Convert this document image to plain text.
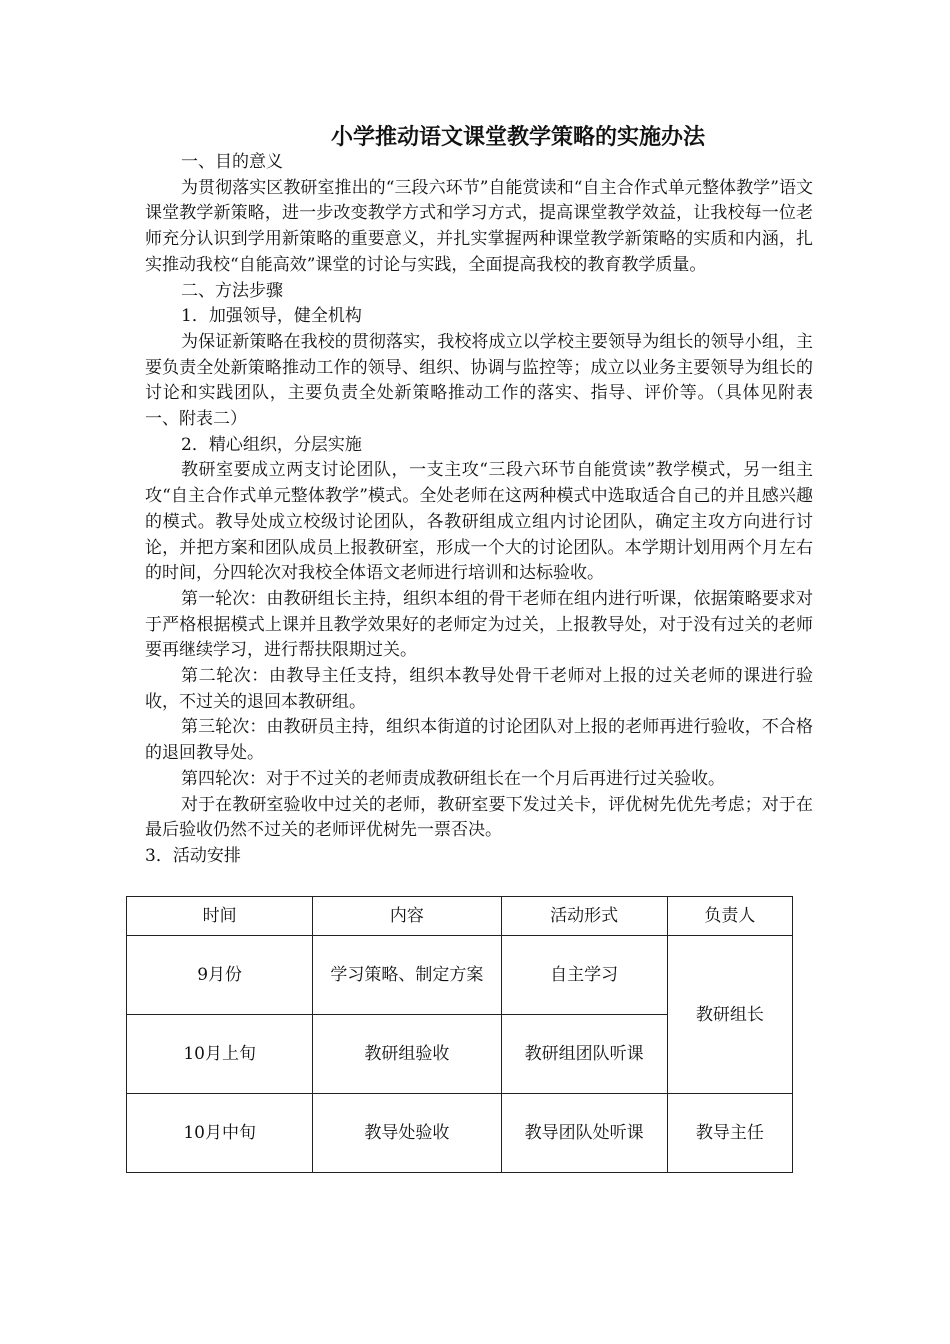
小学推动语文课堂教学策略的实施办法

一、目的意义

为贯彻落实区教研室推出的“三段六环节”自能赏读和“自主合作式单元整体教学”语文课堂教学新策略，进一步改变教学方式和学习方式，提高课堂教学效益，让我校每一位老师充分认识到学用新策略的重要意义，并扎实掌握两种课堂教学新策略的实质和内涵，扎实推动我校“自能高效”课堂的讨论与实践，全面提高我校的教育教学质量。

二、方法步骤

1．加强领导，健全机构

为保证新策略在我校的贯彻落实，我校将成立以学校主要领导为组长的领导小组，主要负责全处新策略推动工作的领导、组织、协调与监控等；成立以业务主要领导为组长的讨论和实践团队，主要负责全处新策略推动工作的落实、指导、评价等。（具体见附表一、附表二）

2．精心组织，分层实施

教研室要成立两支讨论团队，一支主攻“三段六环节自能赏读”教学模式，另一组主攻“自主合作式单元整体教学”模式。全处老师在这两种模式中选取适合自己的并且感兴趣的模式。教导处成立校级讨论团队，各教研组成立组内讨论团队，确定主攻方向进行讨论，并把方案和团队成员上报教研室，形成一个大的讨论团队。本学期计划用两个月左右的时间，分四轮次对我校全体语文老师进行培训和达标验收。

第一轮次：由教研组长主持，组织本组的骨干老师在组内进行听课，依据策略要求对于严格根据模式上课并且教学效果好的老师定为过关，上报教导处，对于没有过关的老师要再继续学习，进行帮扶限期过关。

第二轮次：由教导主任支持，组织本教导处骨干老师对上报的过关老师的课进行验收，不过关的退回本教研组。

第三轮次：由教研员主持，组织本街道的讨论团队对上报的老师再进行验收，不合格的退回教导处。

第四轮次：对于不过关的老师责成教研组长在一个月后再进行过关验收。

对于在教研室验收中过关的老师，教研室要下发过关卡，评优树先优先考虑；对于在最后验收仍然不过关的老师评优树先一票否决。

3．活动安排

时间	内容	活动形式	负责人
9月份	学习策略、制定方案	自主学习	教研组长
10月上旬	教研组验收	教研组团队听课	
10月中旬	教导处验收	教导团队处听课	教导主任
